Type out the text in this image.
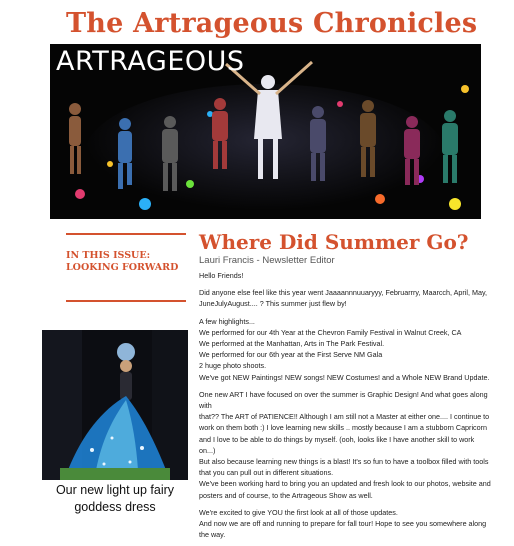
The Artrageous Chronicles
ARTRAGEOUS
IN THIS ISSUE:
LOOKING FORWARD
Our new light up fairy
goddess dress
Where Did Summer Go?
Lauri Francis - Newsletter Editor

Hello Friends!

Did anyone else feel like this year went Jaaaannnuuaryyy, Februarrry, Maarcch, April, May,
JuneJulyAugust.... ? This summer just flew by!

A few highlights...
We performed for our 4th Year at the Chevron Family Festival in Walnut Creek, CA
We performed at the Manhattan, Arts in The Park Festival.
We performed for our 6th year at the First Serve NM Gala
2 huge photo shoots.
We've got NEW Paintings! NEW songs! NEW Costumes! and a Whole NEW Brand Update.

One new ART I have focused on over the summer is Graphic Design! And what goes along with
that?? The ART of PATIENCE!! Although I am still not a Master at either one.... I continue to
work on them both :) I love learning new skills .. mostly because I am a stubborn Capricorn
and I love to be able to do things by myself. (ooh, looks like I have another skill to work on...)
But also because learning new things is a blast! It's so fun to have a toolbox filled with tools
that you can pull out in different situations.
We've been working hard to bring you an updated and fresh look to our photos, website and
posters and of course, to the Artrageous Show as well.

We're excited to give YOU the first look at all of those updates.
And now we are off and running to prepare for fall tour! Hope to see you somewhere along
the way.
